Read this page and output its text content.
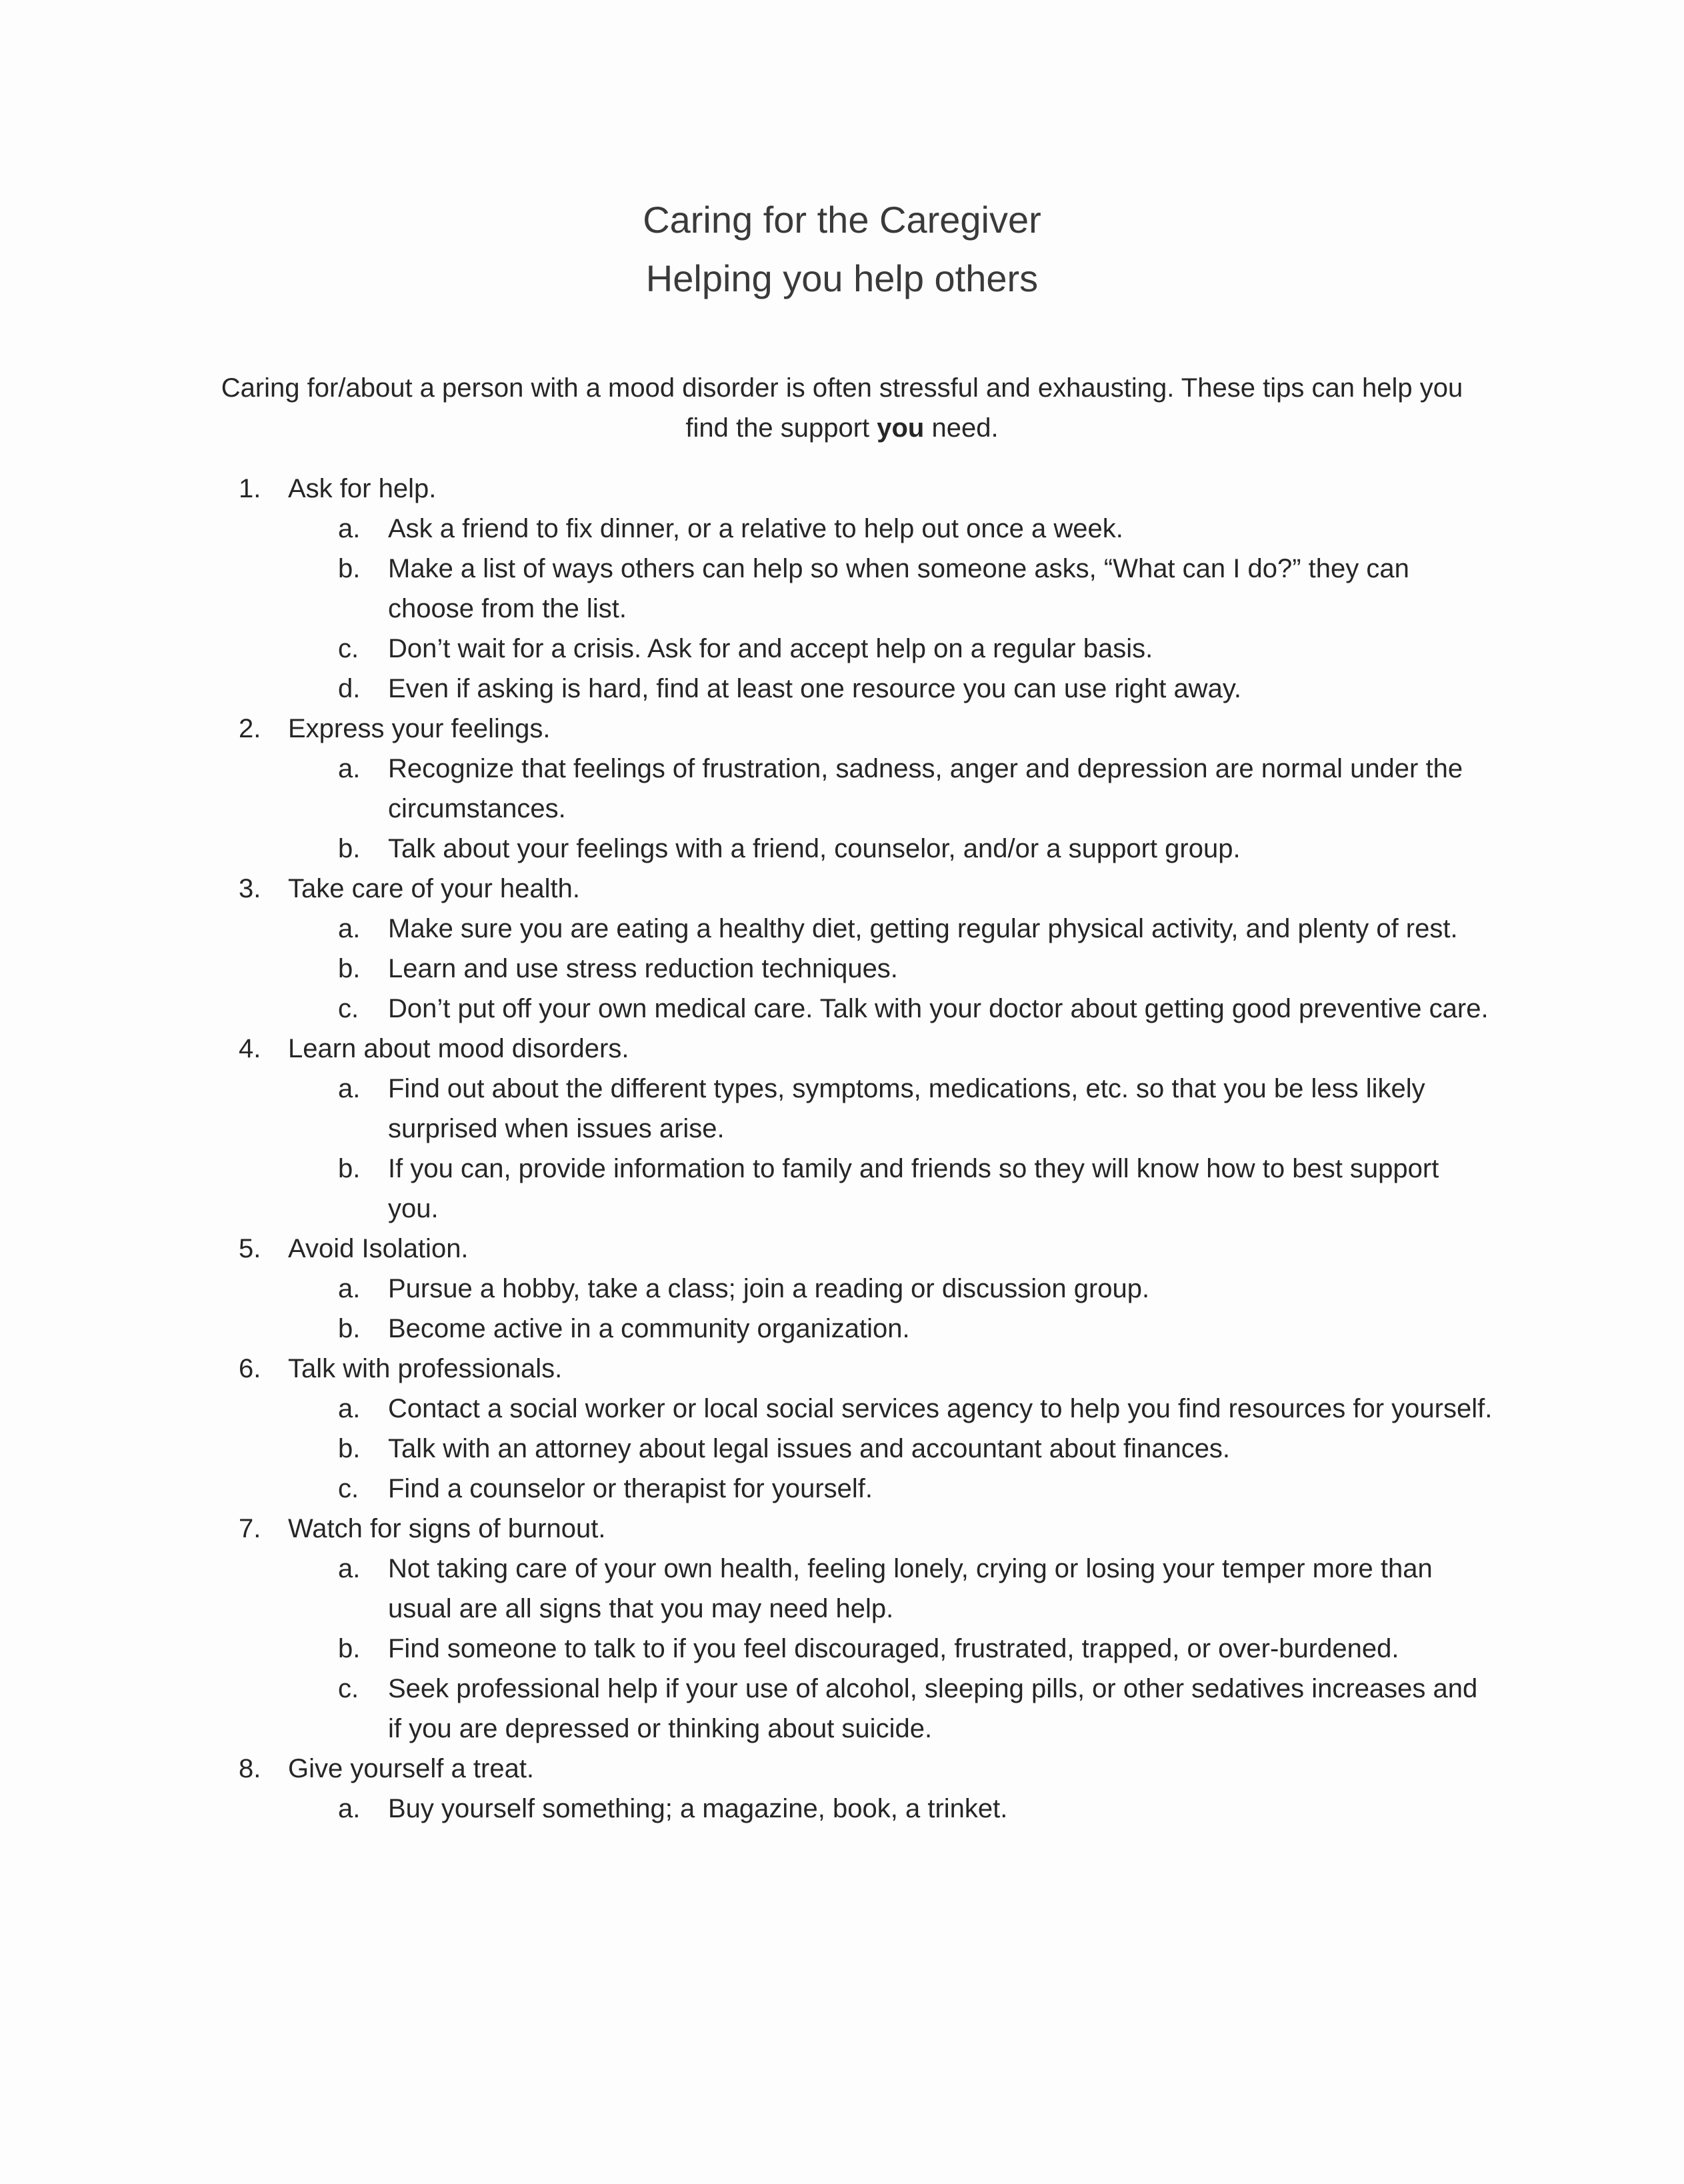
Caring for the Caregiver
Helping you help others

Caring for/about a person with a mood disorder is often stressful and exhausting. These tips can help you find the support you need.

1.	Ask for help.
a.	Ask a friend to fix dinner, or a relative to help out once a week.
b.	Make a list of ways others can help so when someone asks, “What can I do?” they can choose from the list.
c.	Don’t wait for a crisis. Ask for and accept help on a regular basis.
d.	Even if asking is hard, find at least one resource you can use right away.
2.	Express your feelings.
a.	Recognize that feelings of frustration, sadness, anger and depression are normal under the circumstances.
b.	Talk about your feelings with a friend, counselor, and/or a support group.
3.	Take care of your health.
a.	Make sure you are eating a healthy diet, getting regular physical activity, and plenty of rest.
b.	Learn and use stress reduction techniques.
c.	Don’t put off your own medical care. Talk with your doctor about getting good preventive care.
4.	Learn about mood disorders.
a.	Find out about the different types, symptoms, medications, etc. so that you be less likely surprised when issues arise.
b.	If you can, provide information to family and friends so they will know how to best support you.
5.	Avoid Isolation.
a.	Pursue a hobby, take a class; join a reading or discussion group.
b.	Become active in a community organization.
6.	Talk with professionals.
a.	Contact a social worker or local social services agency to help you find resources for yourself.
b.	Talk with an attorney about legal issues and accountant about finances.
c.	Find a counselor or therapist for yourself.
7.	Watch for signs of burnout.
a.	Not taking care of your own health, feeling lonely, crying or losing your temper more than usual are all signs that you may need help.
b.	Find someone to talk to if you feel discouraged, frustrated, trapped, or over-burdened.
c.	Seek professional help if your use of alcohol, sleeping pills, or other sedatives increases and if you are depressed or thinking about suicide.
8.	Give yourself a treat.
a.	Buy yourself something; a magazine, book, a trinket.
